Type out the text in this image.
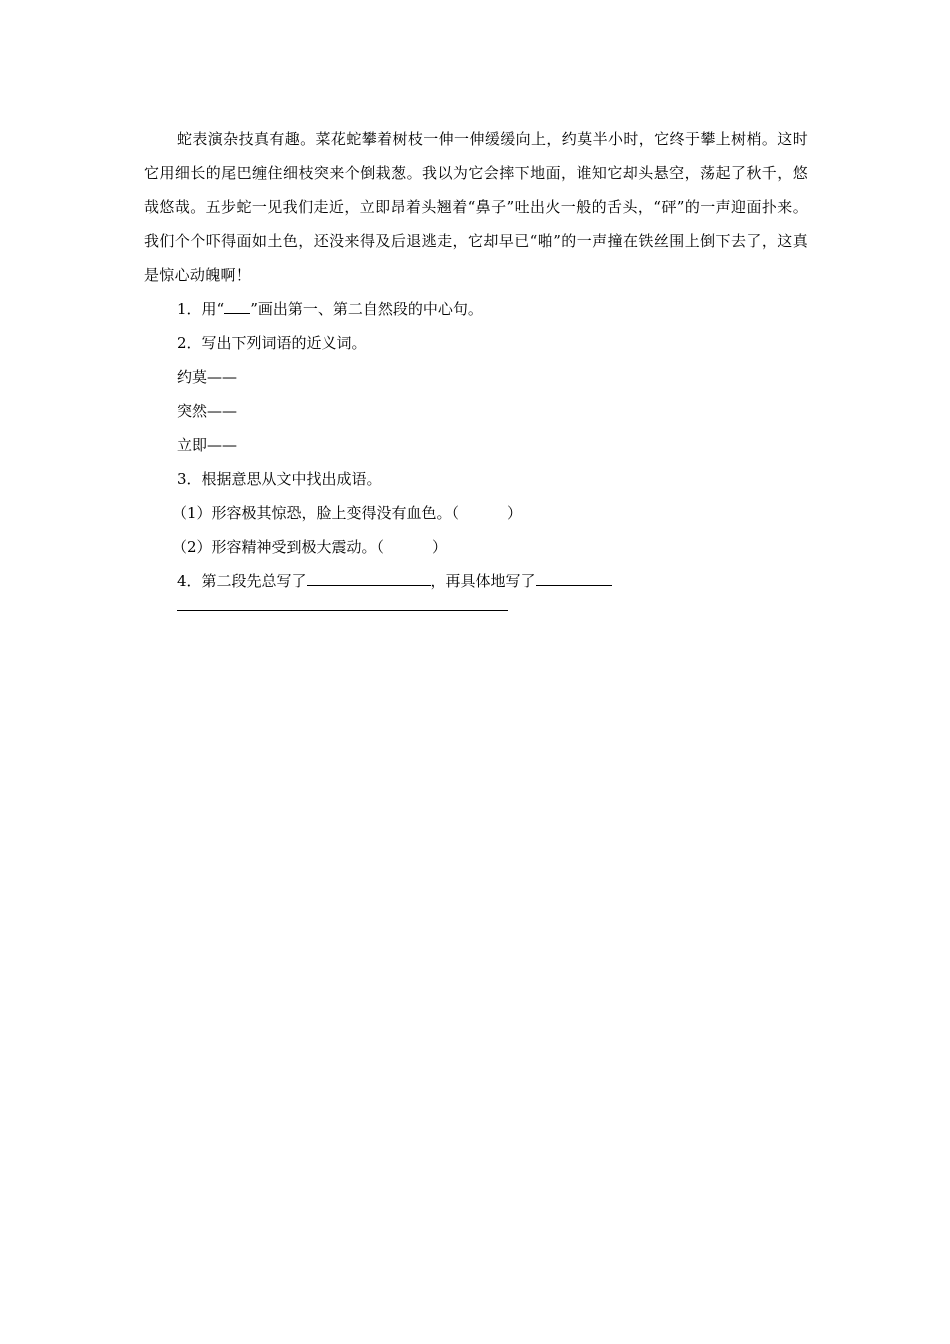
蛇表演杂技真有趣。菜花蛇攀着树枝一伸一伸缓缓向上，约莫半小时，它终于攀上树梢。这时它用细长的尾巴缠住细枝突来个倒栽葱。我以为它会摔下地面，谁知它却头悬空，荡起了秋千，悠哉悠哉。五步蛇一见我们走近，立即昂着头翘着“鼻子”吐出火一般的舌头，“砰”的一声迎面扑来。我们个个吓得面如土色，还没来得及后退逃走，它却早已“啪”的一声撞在铁丝围上倒下去了，这真是惊心动魄啊！

1．用“ ”画出第一、第二自然段的中心句。

2．写出下列词语的近义词。

约莫——

突然——

立即——

3．根据意思从文中找出成语。

（1）形容极其惊恐，脸上变得没有血色。（	）

（2）形容精神受到极大震动。（	）

4．第二段先总写了	，再具体地写了
